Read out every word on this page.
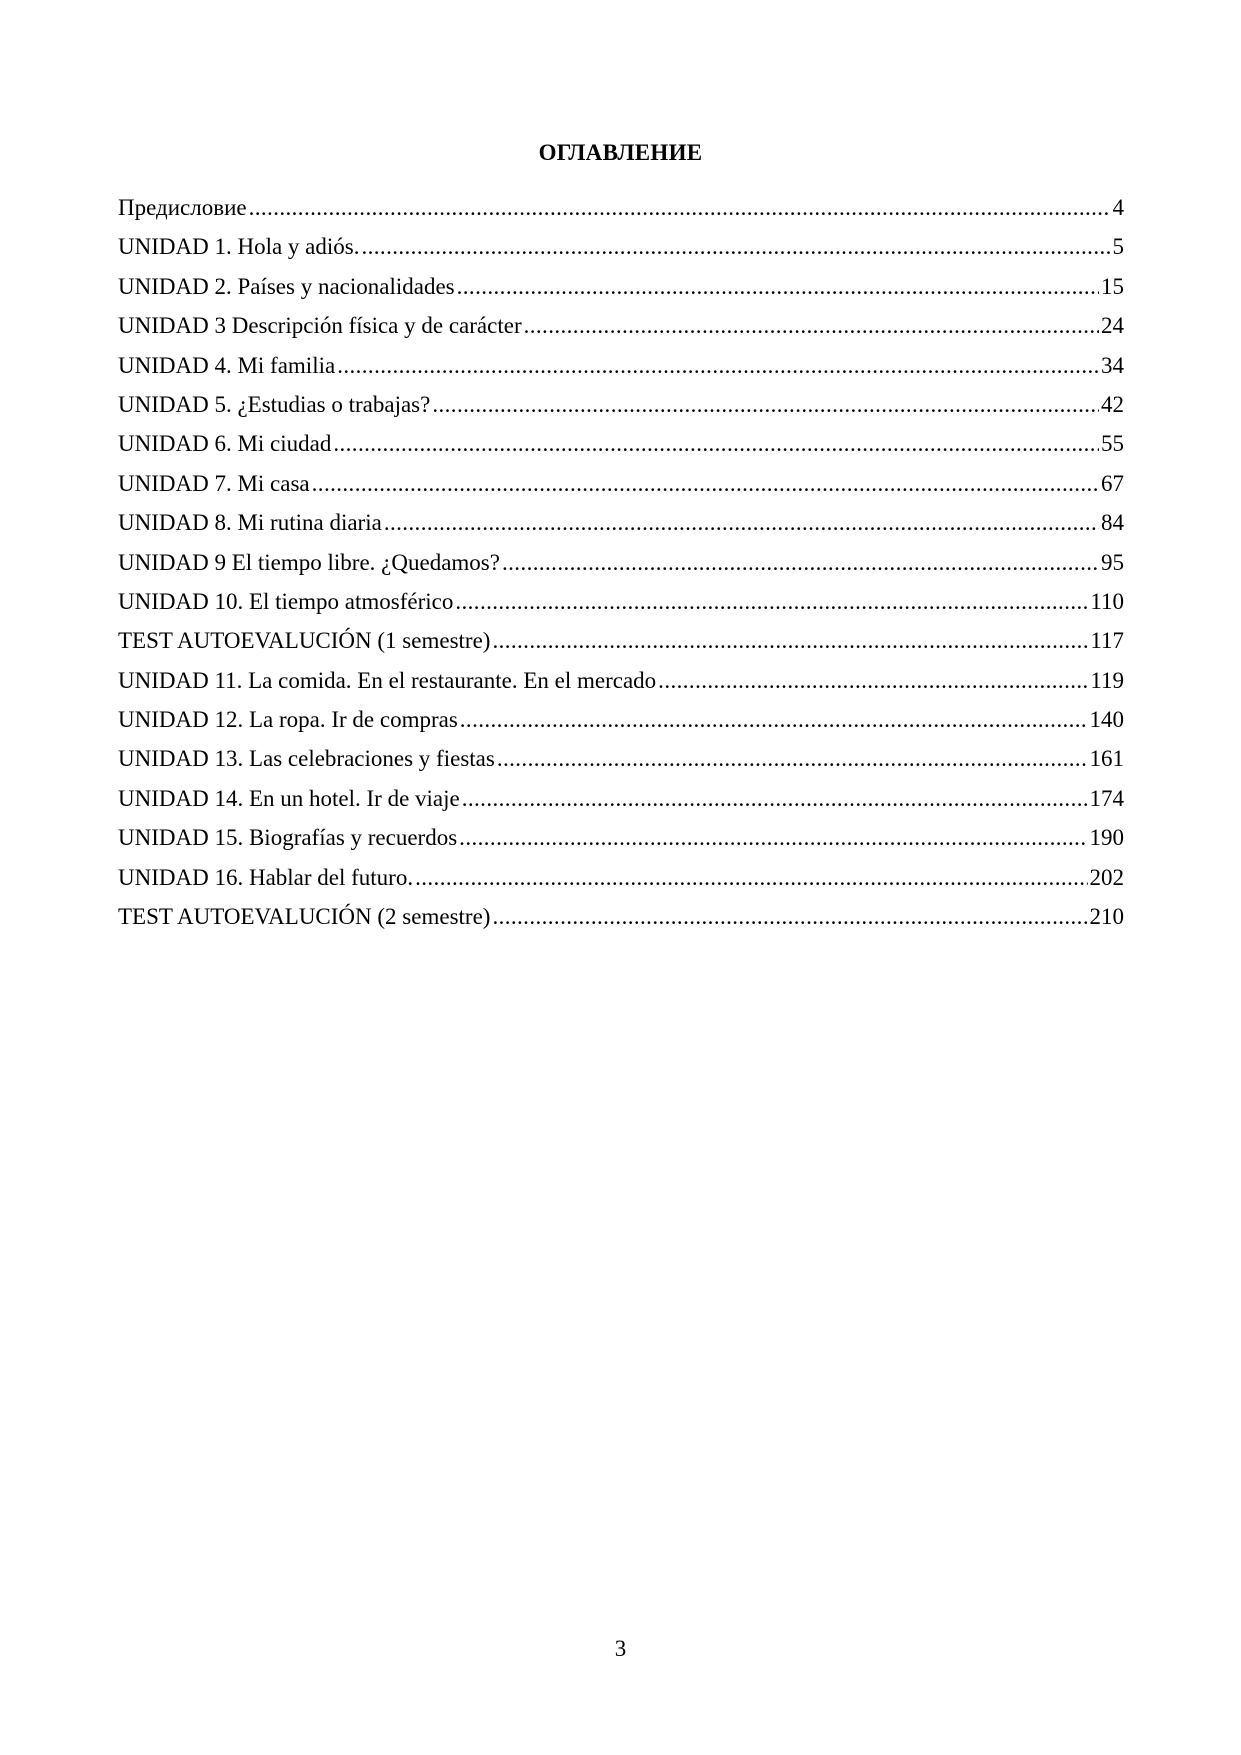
ОГЛАВЛЕНИЕ
Предисловие .....	4
UNIDAD 1. Hola y adiós. .....	5
UNIDAD 2. Países y nacionalidades .....	15
UNIDAD 3 Descripción física y de carácter .....	24
UNIDAD 4. Mi familia .....	34
UNIDAD 5. ¿Estudias o trabajas? .....	42
UNIDAD 6. Mi ciudad .....	55
UNIDAD 7. Mi casa .....	67
UNIDAD 8. Mi rutina diaria .....	84
UNIDAD 9 El tiempo libre. ¿Quedamos? .....	95
UNIDAD 10. El tiempo atmosférico .....	110
TEST AUTOEVALUCIÓN (1 semestre) .....	117
UNIDAD 11. La comida. En el restaurante. En el mercado .....	119
UNIDAD 12. La ropa. Ir de compras .....	140
UNIDAD 13. Las celebraciones y fiestas .....	161
UNIDAD 14. En un hotel. Ir de viaje .....	174
UNIDAD 15. Biografías y recuerdos .....	190
UNIDAD 16. Hablar del futuro. .....	202
TEST AUTOEVALUCIÓN (2 semestre) .....	210
3
